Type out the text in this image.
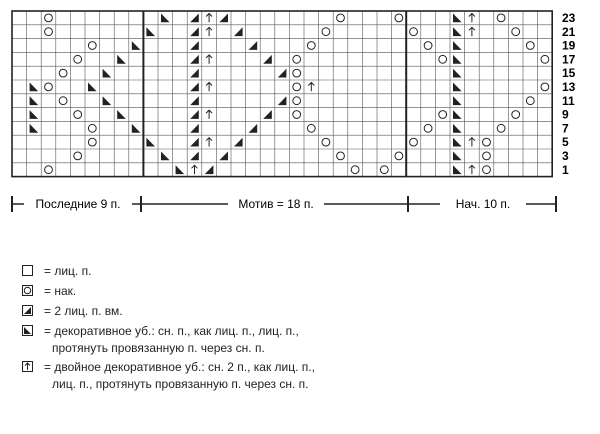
23
21
19
17
15
13
11
9
7
5
3
1
Последние 9 п.	Мотив = 18 п.	Нач. 10 п.
= лиц. п.
= нак.
= 2 лиц. п. вм.
= декоративное уб.: сн. п., как лиц. п., лиц. п.,
протянуть провязанную п. через сн. п.
= двойное декоративное уб.: сн. 2 п., как лиц. п.,
лиц. п., протянуть провязанную п. через сн. п.
